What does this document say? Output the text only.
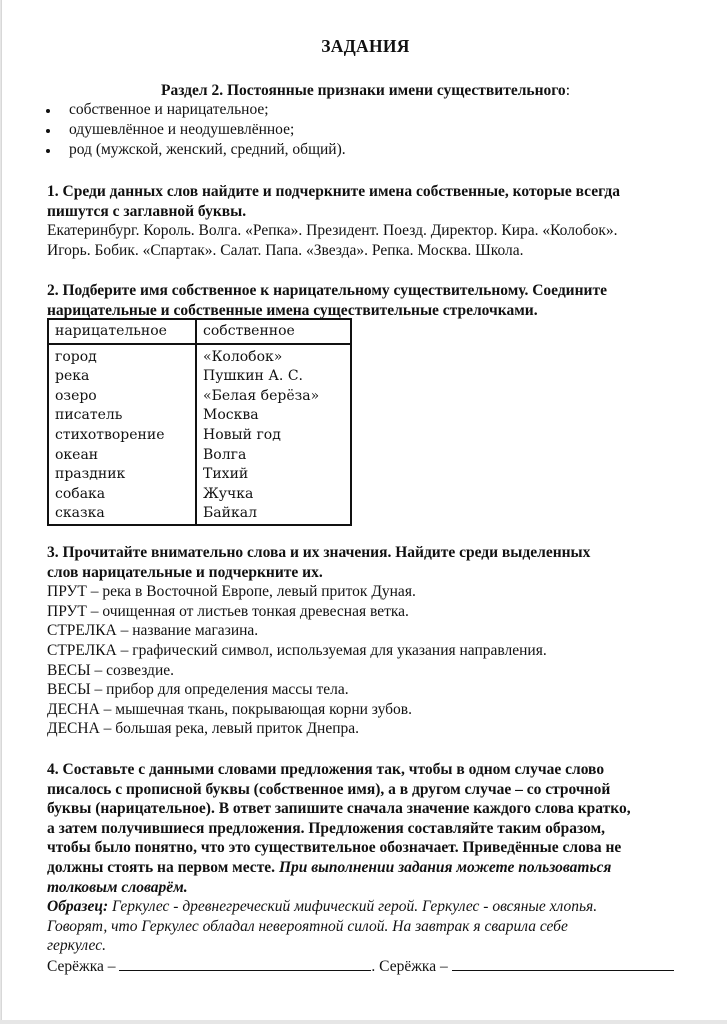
ЗАДАНИЯ
Раздел 2. Постоянные признаки имени существительного:
собственное и нарицательное;
одушевлённое и неодушевлённое;
род (мужской, женский, средний, общий).
1. Среди данных слов найдите и подчеркните имена собственные, которые всегда
пишутся с заглавной буквы.
Екатеринбург. Король. Волга. «Репка». Президент. Поезд. Директор. Кира. «Колобок».
Игорь. Бобик. «Спартак». Салат. Папа. «Звезда». Репка. Москва. Школа.
2. Подберите имя собственное к нарицательному существительному. Соедините
нарицательные и собственные имена существительные стрелочками.
нарицательное	собственное
город	«Колобок»
река	Пушкин А. С.
озеро	«Белая берёза»
писатель	Москва
стихотворение	Новый год
океан	Волга
праздник	Тихий
собака	Жучка
сказка	Байкал
3. Прочитайте внимательно слова и их значения. Найдите среди выделенных
слов нарицательные и подчеркните их.
ПРУТ – река в Восточной Европе, левый приток Дуная.
ПРУТ – очищенная от листьев тонкая древесная ветка.
СТРЕЛКА – название магазина.
СТРЕЛКА – графический символ, используемая для указания направления.
ВЕСЫ – созвездие.
ВЕСЫ – прибор для определения массы тела.
ДЕСНА – мышечная ткань, покрывающая корни зубов.
ДЕСНА – большая река, левый приток Днепра.
4. Составьте с данными словами предложения так, чтобы в одном случае слово
писалось с прописной буквы (собственное имя), а в другом случае – со строчной
буквы (нарицательное). В ответ запишите сначала значение каждого слова кратко,
а затем получившиеся предложения. Предложения составляйте таким образом,
чтобы было понятно, что это существительное обозначает. Приведённые слова не
должны стоять на первом месте. При выполнении задания можете пользоваться
толковым словарём.
Образец: Геркулес - древнегреческий мифический герой. Геркулес - овсяные хлопья.
Говорят, что Геркулес обладал невероятной силой. На завтрак я сварила себе
геркулес.
Серёжка –	. Серёжка –
